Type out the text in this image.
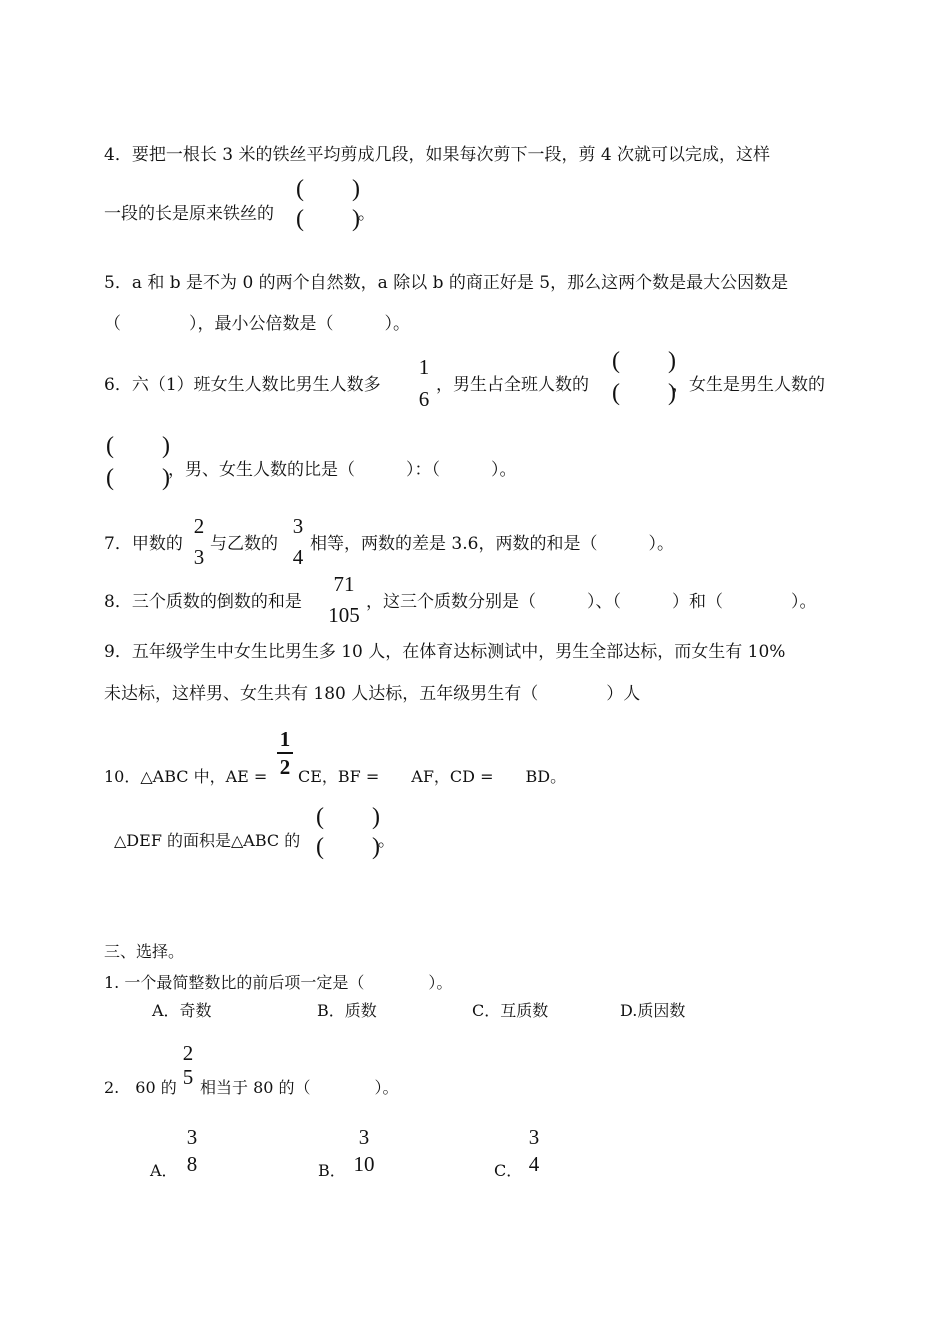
4．要把一根长 3 米的铁丝平均剪成几段，如果每次剪下一段，剪 4 次就可以完成，这样
一段的长是原来铁丝的
(　　)
(　　)
。
5．a 和 b 是不为 0 的两个自然数，a 除以 b 的商正好是 5，那么这两个数是最大公因数是
（　　　　），最小公倍数是（　　　）。
6．六（1）班女生人数比男生人数多
1
6
，男生占全班人数的
(　　)
(　　)
，女生是男生人数的
(　　)
(　　)
，男、女生人数的比是（　　　）：（　　　）。
7．甲数的
2
3
与乙数的
3
4
相等，两数的差是 3.6，两数的和是（　　　）。
8．三个质数的倒数的和是
71
105
，这三个质数分别是（　　　）、（　　　）和（　　　　）。
9．五年级学生中女生比男生多 10 人，在体育达标测试中，男生全部达标，而女生有 10%
未达标，这样男、女生共有 180 人达标，五年级男生有（　　　　）人
10．△ABC 中，AE =
1
2 CE，BF =　　AF，CD =　　BD。
△DEF 的面积是△ABC 的
(　　)
(　　)
。
三、选择。
1. 一个最简整数比的前后项一定是（　　　　）。
A．奇数	B．质数	C．互质数	D.质因数
2.　60 的
2
5 相当于 80 的（　　　　）。
A．
3
8	B．
3
10	C．
3
4
